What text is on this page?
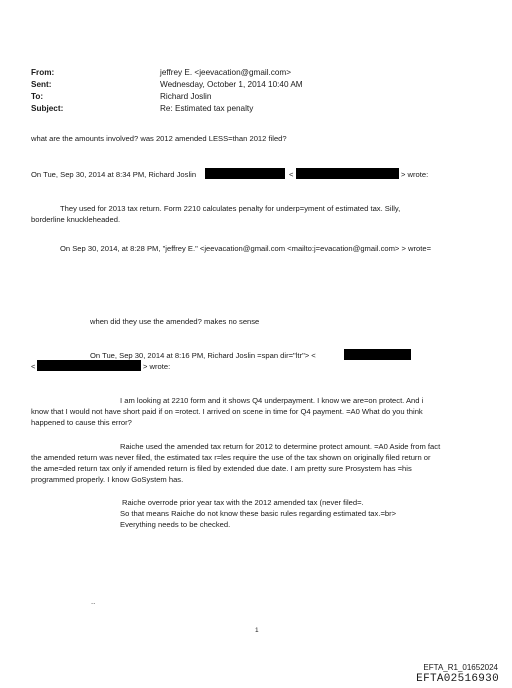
From:	jeffrey E. <jeevacation@gmail.com>
Sent:	Wednesday, October 1, 2014 10:40 AM
To:	Richard Joslin
Subject:	Re: Estimated tax penalty
what are the amounts involved? was 2012 amended LESS=than 2012 filed?
On Tue, Sep 30, 2014 at 8:34 PM, Richard Joslin	<	> wrote:
They used for 2013 tax return. Form 2210 calculates penalty for underp=yment of estimated tax. Silly,
borderline knuckleheaded.
On Sep 30, 2014, at 8:28 PM, "jeffrey E." <jeevacation@gmail.com <mailto:j=evacation@gmail.com> > wrote=
when did they use the amended? makes no sense
On Tue, Sep 30, 2014 at 8:16 PM, Richard Joslin =span dir="ltr"> <
<	> wrote:
I am looking at 2210 form and it shows Q4 underpayment. I know we are=on protect. And i
know that I would not have short paid if on =rotect. I arrived on scene in time for Q4 payment. =A0 What do you think
happened to cause this error?
Raiche used the amended tax return for 2012 to determine protect amount. =A0 Aside from fact
the amended return was never filed, the estimated tax r=les require the use of the tax shown on originally filed return or
the ame=ded return tax only if amended return is filed by extended due date. I am pretty sure Prosystem has =his
programmed properly. I know GoSystem has.
Raiche overrode prior year tax with the 2012 amended tax (never filed=.
So that means Raiche do not know these basic rules regarding estimated tax.=br>
Everything needs to be checked.
..
1
EFTA_R1_01652024
EFTA02516930
